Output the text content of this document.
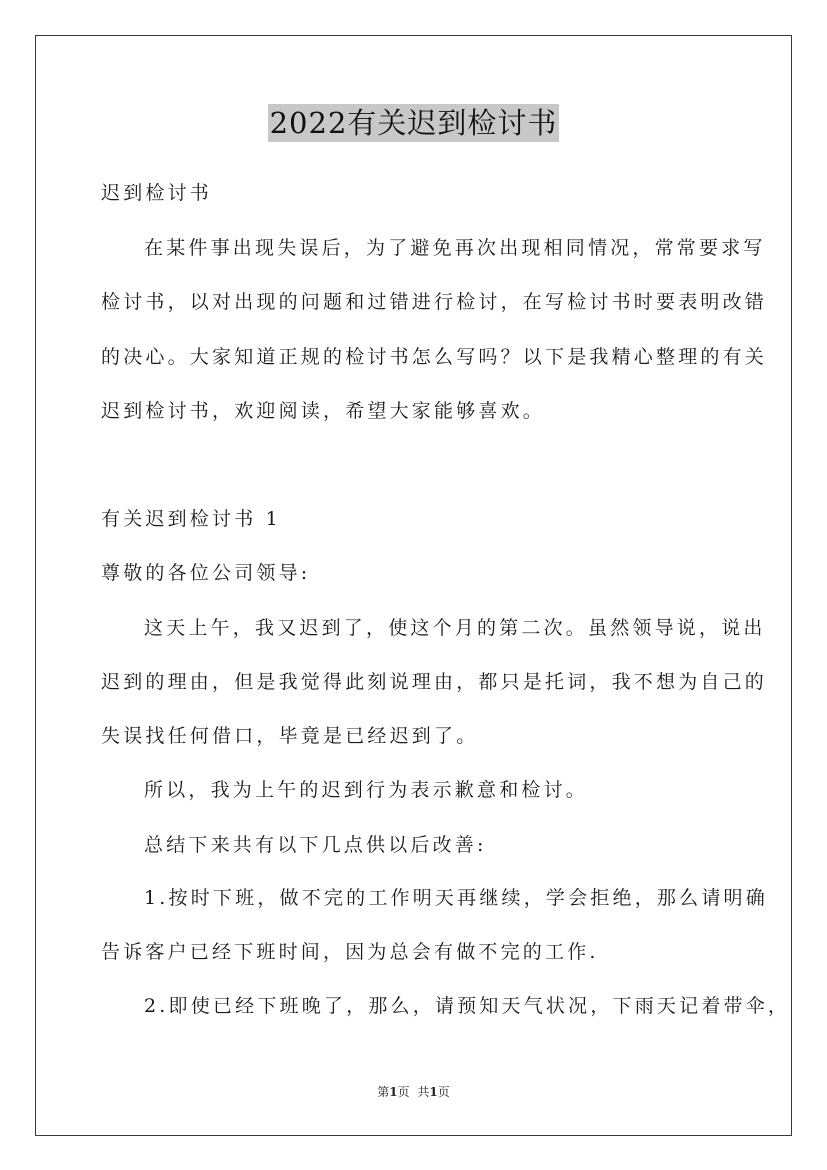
2022有关迟到检讨书
迟到检讨书
在某件事出现失误后，为了避免再次出现相同情况，常常要求写
检讨书，以对出现的问题和过错进行检讨，在写检讨书时要表明改错
的决心。大家知道正规的检讨书怎么写吗？以下是我精心整理的有关
迟到检讨书，欢迎阅读，希望大家能够喜欢。
有关迟到检讨书 1
尊敬的各位公司领导:
这天上午，我又迟到了，使这个月的第二次。虽然领导说，说出
迟到的理由，但是我觉得此刻说理由，都只是托词，我不想为自己的
失误找任何借口，毕竟是已经迟到了。
所以，我为上午的迟到行为表示歉意和检讨。
总结下来共有以下几点供以后改善:
1.按时下班，做不完的工作明天再继续，学会拒绝，那么请明确
告诉客户已经下班时间，因为总会有做不完的工作.
2.即使已经下班晚了，那么，请预知天气状况，下雨天记着带伞，
第1页 共1页
